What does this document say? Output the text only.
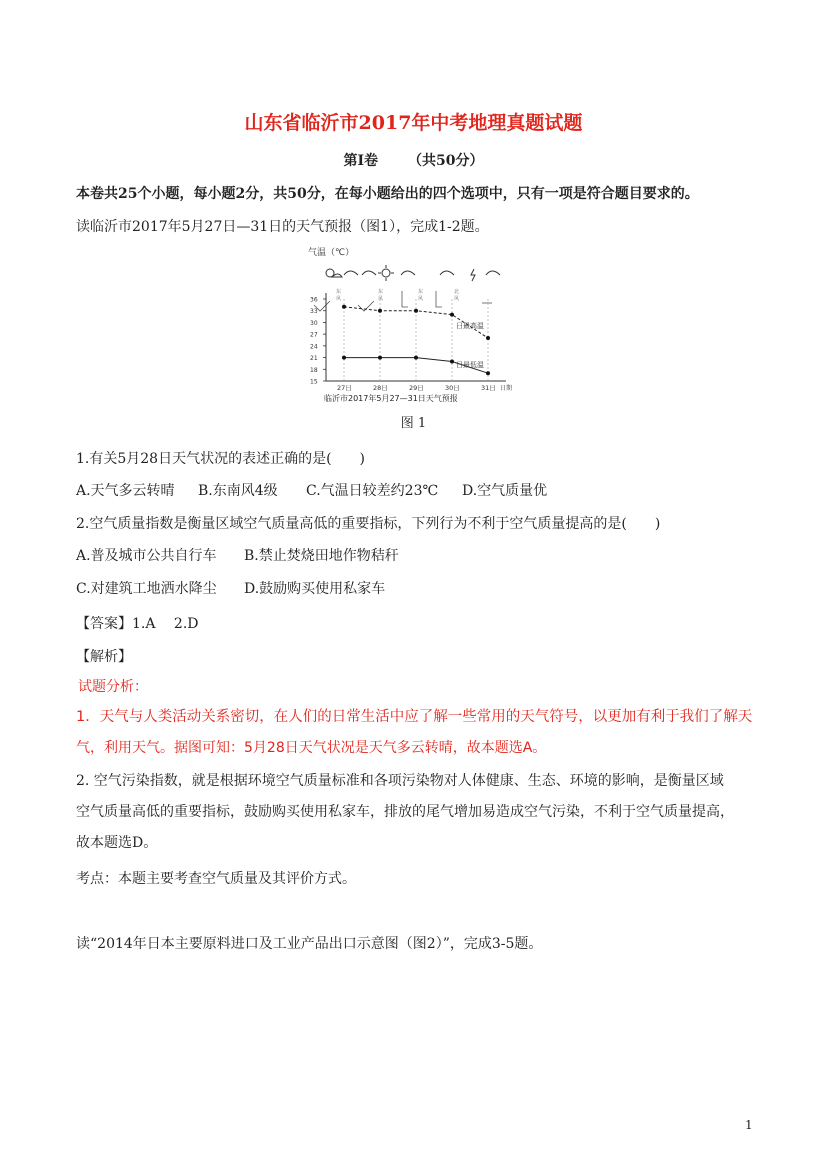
山东省临沂市2017年中考地理真题试题
第Ⅰ卷 （共50分）
本卷共25个小题，每小题2分，共50分，在每小题给出的四个选项中，只有一项是符合题目要求的。
读临沂市2017年5月27日—31日的天气预报（图1），完成1-2题。
气温（℃）
东
风
东
风
东
风
北
风
36
33
30
27
24
21
18
15
27日	28日	29日	30日	31日 日期
日最高温
日最低温
临沂市2017年5月27—31日天气预报
图 1
1.有关5月28日天气状况的表述正确的是(　　)
A.天气多云转晴 B.东南风4级 C.气温日较差约23℃ D.空气质量优
2.空气质量指数是衡量区域空气质量高低的重要指标，下列行为不利于空气质量提高的是(　　)
A.普及城市公共自行车 B.禁止焚烧田地作物秸秆
C.对建筑工地洒水降尘 D.鼓励购买使用私家车
【答案】1.A　 2.D
【解析】
试题分析：
1．天气与人类活动关系密切，在人们的日常生活中应了解一些常用的天气符号，以更加有利于我们了解天
气，利用天气。据图可知：5月28日天气状况是天气多云转晴，故本题选A。
2. 空气污染指数，就是根据环境空气质量标准和各项污染物对人体健康、生态、环境的影响，是衡量区域
空气质量高低的重要指标，鼓励购买使用私家车，排放的尾气增加易造成空气污染，不利于空气质量提高，
故本题选D。
考点：本题主要考查空气质量及其评价方式。
读“2014年日本主要原料进口及工业产品出口示意图（图2）”，完成3-5题。
1
